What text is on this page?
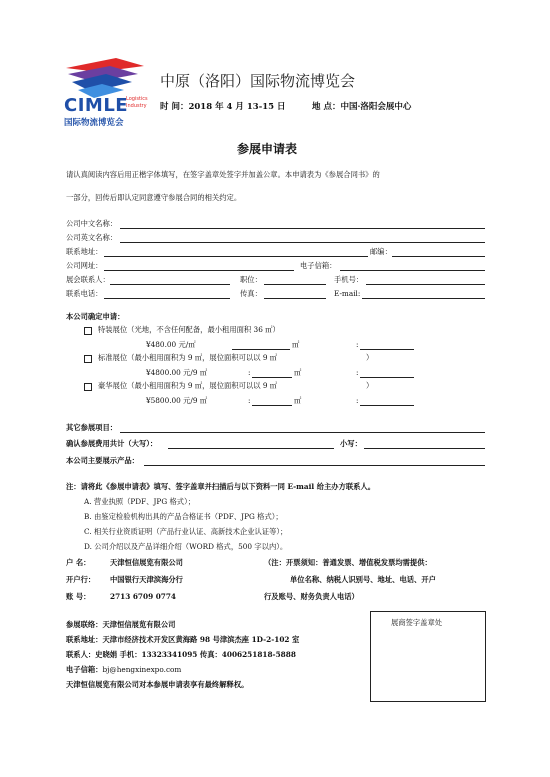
CIMLE
Logistics
Industry
国际物流博览会
中原（洛阳）国际物流博览会
时 间：2018 年 4 月 13-15 日	地 点：中国·洛阳会展中心
参展申请表
请认真阅读内容后用正楷字体填写，在签字盖章处签字并加盖公章。本申请表为《参展合同书》的
一部分，回传后即认定同意遵守参展合同的相关约定。
公司中文名称：
公司英文名称：
联系地址：	邮编：
公司网址：	电子信箱：
展会联系人：	职位：	手机号：
联系电话：	传真：	E-mail:
本公司确定申请：
特装展位（光地，不含任何配备，最小租用面积 36 ㎡）
¥480.00 元/㎡	㎡	:
标准展位（最小租用面积为 9 ㎡，展位面积可以以 9 ㎡	）
¥4800.00 元/9 ㎡	:	㎡	:
豪华展位（最小租用面积为 9 ㎡，展位面积可以以 9 ㎡	）
¥5800.00 元/9 ㎡	:	㎡	:
其它参展项目：
确认参展费用共计（大写）：	小写：
本公司主要展示产品：
注：请将此《参展申请表》填写、签字盖章并扫描后与以下资料一同 E-mail 给主办方联系人。
A. 营业执照（PDF、JPG 格式）；
B. 由鉴定检验机构出具的产品合格证书（PDF、JPG 格式）；
C. 相关行业资质证明（产品行业认证、高新技术企业认证等）；
D. 公司介绍以及产品详细介绍（WORD 格式，500 字以内）。
户 名：	天津恒信展览有限公司	（注：开票须知：普通发票、增值税发票均需提供：
开户行： 中国银行天津滨海分行	单位名称、纳税人识别号、地址、电话、开户
账 号：	2713 6709 0774	行及账号、财务负责人电话）
参展联络：天津恒信展览有限公司
联系地址：天津市经济技术开发区黄海路 98 号津滨杰座 1D-2-102 室
联系人：史晓娟 手机：13323341095 传真：4006251818-5888
电子信箱：bj@hengxinexpo.com
天津恒信展览有限公司对本参展申请表享有最终解释权。
展商签字盖章处
